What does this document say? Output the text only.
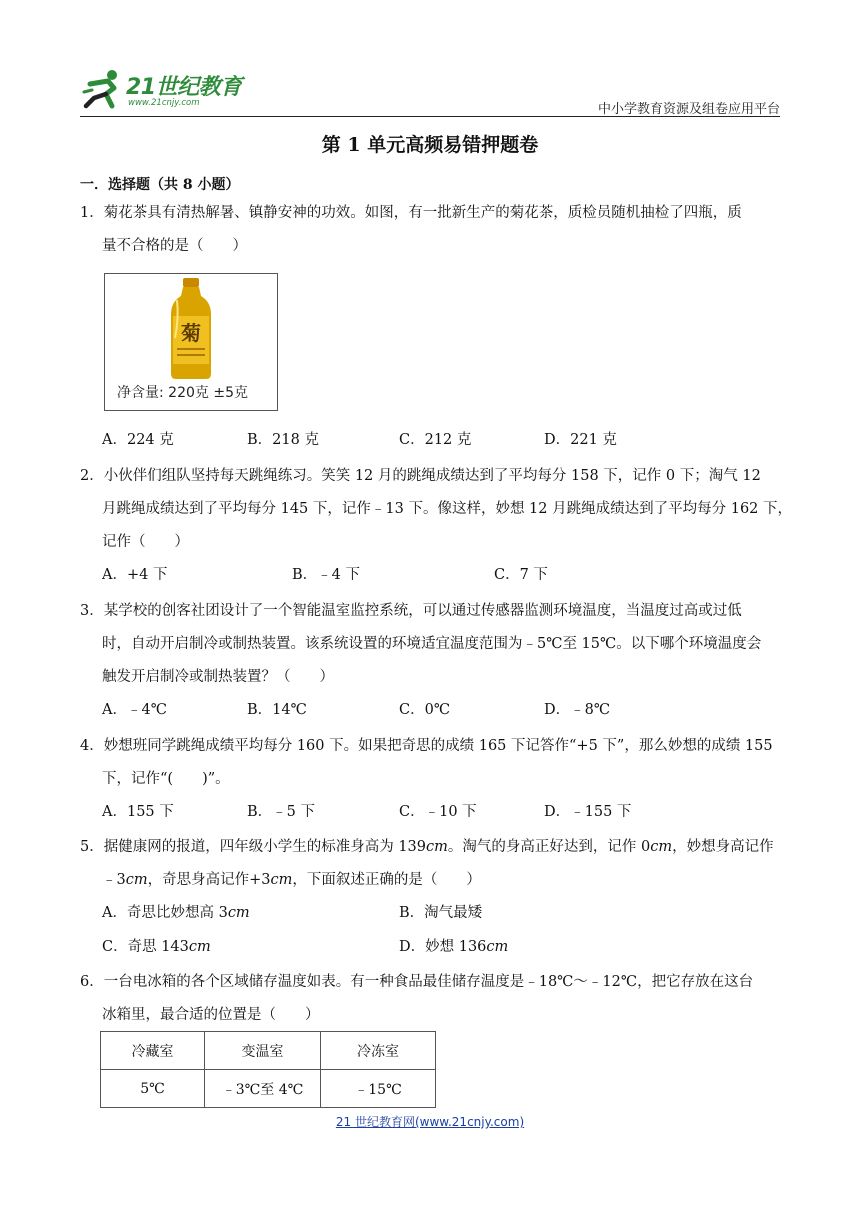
21世纪教育
www.21cnjy.com	中小学教育资源及组卷应用平台
第 1 单元高频易错押题卷
一．选择题（共 8 小题）
1．菊花茶具有清热解暑、镇静安神的功效。如图，有一批新生产的菊花茶，质检员随机抽检了四瓶，质
量不合格的是（　　）
菊
净含量: 220克 ±5克
A．224 克	B．218 克	C．212 克	D．221 克
2．小伙伴们组队坚持每天跳绳练习。笑笑 12 月的跳绳成绩达到了平均每分 158 下，记作 0 下；淘气 12
月跳绳成绩达到了平均每分 145 下，记作﹣13 下。像这样，妙想 12 月跳绳成绩达到了平均每分 162 下，
记作（　　）
A．+4 下	B．﹣4 下	C．7 下
3．某学校的创客社团设计了一个智能温室监控系统，可以通过传感器监测环境温度，当温度过高或过低
时，自动开启制冷或制热装置。该系统设置的环境适宜温度范围为﹣5℃至 15℃。以下哪个环境温度会
触发开启制冷或制热装置？（　　）
A．﹣4℃	B．14℃	C．0℃	D．﹣8℃
4．妙想班同学跳绳成绩平均每分 160 下。如果把奇思的成绩 165 下记答作“+5 下”，那么妙想的成绩 155
下，记作“(　　)”。
A．155 下	B．﹣5 下	C．﹣10 下	D．﹣155 下
5．据健康网的报道，四年级小学生的标准身高为 139cm。淘气的身高正好达到，记作 0cm，妙想身高记作
﹣3cm，奇思身高记作+3cm，下面叙述正确的是（　　）
A．奇思比妙想高 3cm	B．淘气最矮
C．奇思 143cm	D．妙想 136cm
6．一台电冰箱的各个区域储存温度如表。有一种食品最佳储存温度是﹣18℃～﹣12℃，把它存放在这台
冰箱里，最合适的位置是（　　）
冷藏室	变温室	冷冻室
5℃	﹣3℃至 4℃	﹣15℃
21 世纪教育网(www.21cnjy.com)
